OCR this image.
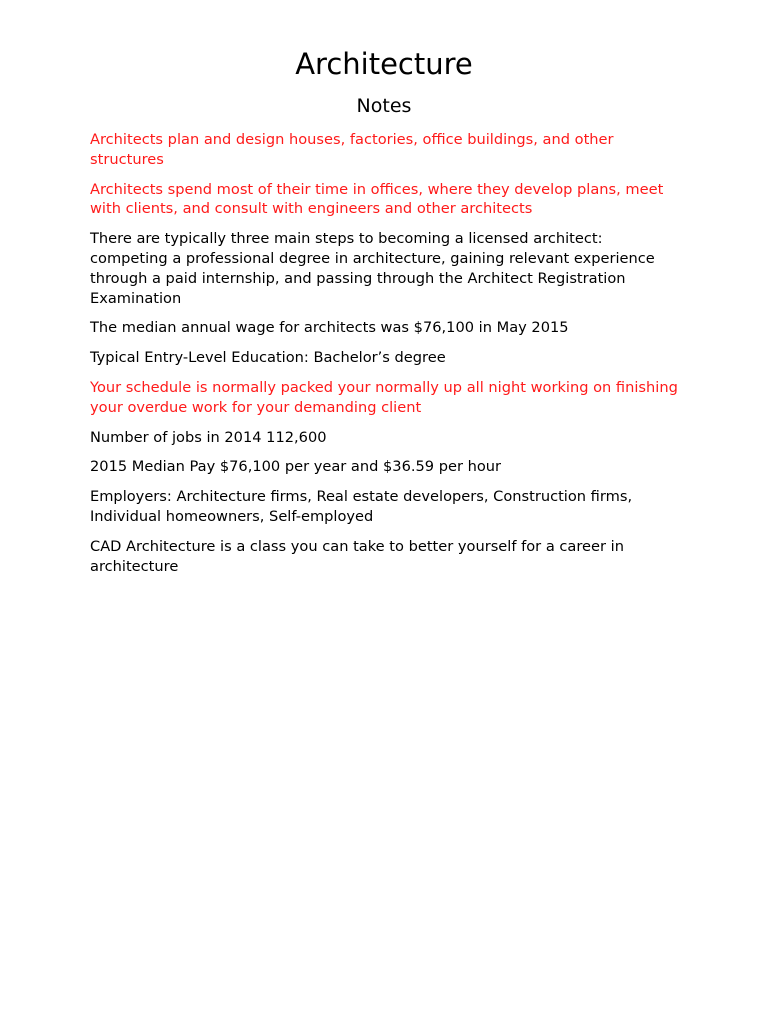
Architecture
Notes

Architects plan and design houses, factories, office buildings, and other structures

Architects spend most of their time in offices, where they develop plans, meet with clients, and consult with engineers and other architects

There are typically three main steps to becoming a licensed architect: competing a professional degree in architecture, gaining relevant experience through a paid internship, and passing through the Architect Registration Examination

The median annual wage for architects was $76,100 in May 2015

Typical Entry-Level Education: Bachelor’s degree

Your schedule is normally packed your normally up all night working on finishing your overdue work for your demanding client

Number of jobs in 2014 112,600

2015 Median Pay $76,100 per year and $36.59 per hour

Employers: Architecture firms, Real estate developers, Construction firms, Individual homeowners, Self-employed

CAD Architecture is a class you can take to better yourself for a career in architecture
